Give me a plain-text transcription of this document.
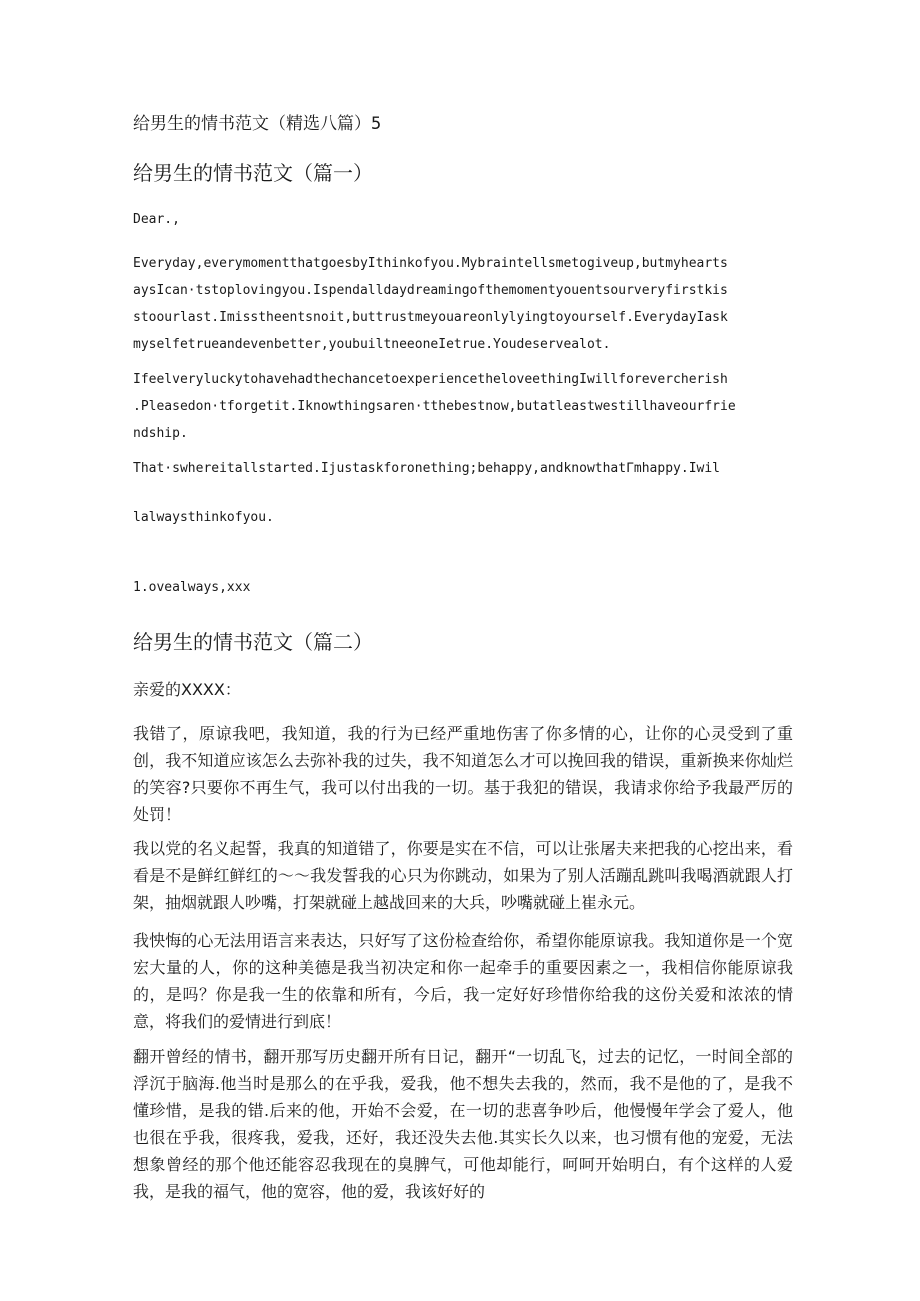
给男生的情书范文（精选八篇）5
给男生的情书范文（篇一）
Dear.,
Everyday,everymomentthatgoesbyIthinkofyou.Mybraintellsmetogiveup,butmyhearts
aysIcan·tstoplovingyou.Ispendalldaydreamingofthemomentyouentsourveryfirstkis
stoourlast.Imisstheentsnoit,buttrustmeyouareonlylyingtoyourself.EverydayIask
myselfetrueandevenbetter,youbuiltneeoneIetrue.Youdeservealot.
IfeelveryluckytohavehadthechancetoexperiencetheloveethingIwillforevercherish
.Pleasedon·tforgetit.Iknowthingsaren·tthebestnow,butatleastwestillhaveourfrie
ndship.
That·swhereitallstarted.Ijustaskforonething;behappy,andknowthatΓmhappy.Iwil
lalwaysthinkofyou.
1.ovealways,xxx
给男生的情书范文（篇二）
亲爱的XXXX：
我错了，原谅我吧，我知道，我的行为已经严重地伤害了你多情的心，让你的心灵受到了重创，我不知道应该怎么去弥补我的过失，我不知道怎么才可以挽回我的错误，重新换来你灿烂的笑容?只要你不再生气，我可以付出我的一切。基于我犯的错误，我请求你给予我最严厉的处罚！
我以党的名义起誓，我真的知道错了，你要是实在不信，可以让张屠夫来把我的心挖出来，看看是不是鲜红鲜红的～～我发誓我的心只为你跳动，如果为了别人活蹦乱跳叫我喝酒就跟人打架，抽烟就跟人吵嘴，打架就碰上越战回来的大兵，吵嘴就碰上崔永元。
我怏悔的心无法用语言来表达，只好写了这份检查给你，希望你能原谅我。我知道你是一个宽宏大量的人，你的这种美德是我当初决定和你一起牵手的重要因素之一，我相信你能原谅我的，是吗？你是我一生的依靠和所有，今后，我一定好好珍惜你给我的这份关爱和浓浓的情意，将我们的爱情进行到底！
翻开曾经的情书，翻开那写历史翻开所有日记，翻开“一切乱飞，过去的记忆，一时间全部的浮沉于脑海.他当时是那么的在乎我，爱我，他不想失去我的，然而，我不是他的了，是我不懂珍惜，是我的错.后来的他，开始不会爱，在一切的悲喜争吵后，他慢慢年学会了爱人，他也很在乎我，很疼我，爱我，还好，我还没失去他.其实长久以来，也习惯有他的宠爱，无法想象曾经的那个他还能容忍我现在的臭脾气，可他却能行，呵呵开始明白，有个这样的人爱我，是我的福气，他的宽容，他的爱，我该好好的
